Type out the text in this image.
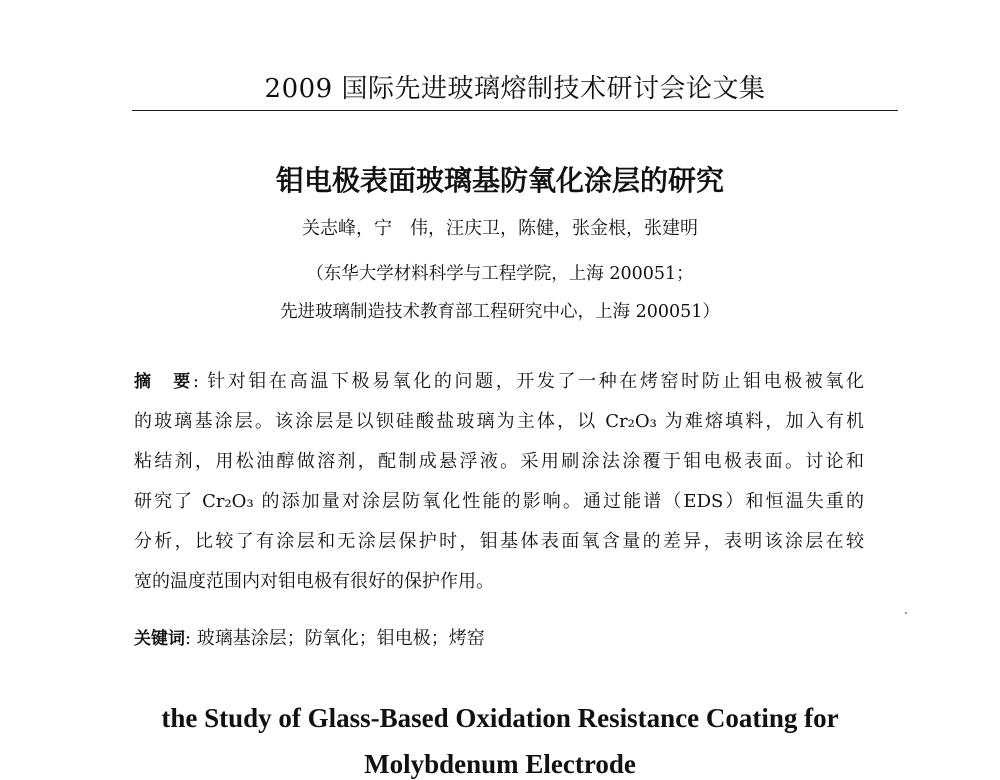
2009 国际先进玻璃熔制技术研讨会论文集
钼电极表面玻璃基防氧化涂层的研究
关志峰，宁　伟，汪庆卫，陈健，张金根，张建明
（东华大学材料科学与工程学院，上海 200051；
先进玻璃制造技术教育部工程研究中心，上海 200051）
摘　要: 针对钼在高温下极易氧化的问题，开发了一种在烤窑时防止钼电极被氧化
的玻璃基涂层。该涂层是以钡硅酸盐玻璃为主体，以 Cr₂O₃ 为难熔填料，加入有机
粘结剂，用松油醇做溶剂，配制成悬浮液。采用刷涂法涂覆于钼电极表面。讨论和
研究了 Cr₂O₃ 的添加量对涂层防氧化性能的影响。通过能谱（EDS）和恒温失重的
分析，比较了有涂层和无涂层保护时，钼基体表面氧含量的差异，表明该涂层在较
宽的温度范围内对钼电极有很好的保护作用。
关键词: 玻璃基涂层；防氧化；钼电极；烤窑
the Study of Glass-Based Oxidation Resistance Coating for
Molybdenum Electrode
